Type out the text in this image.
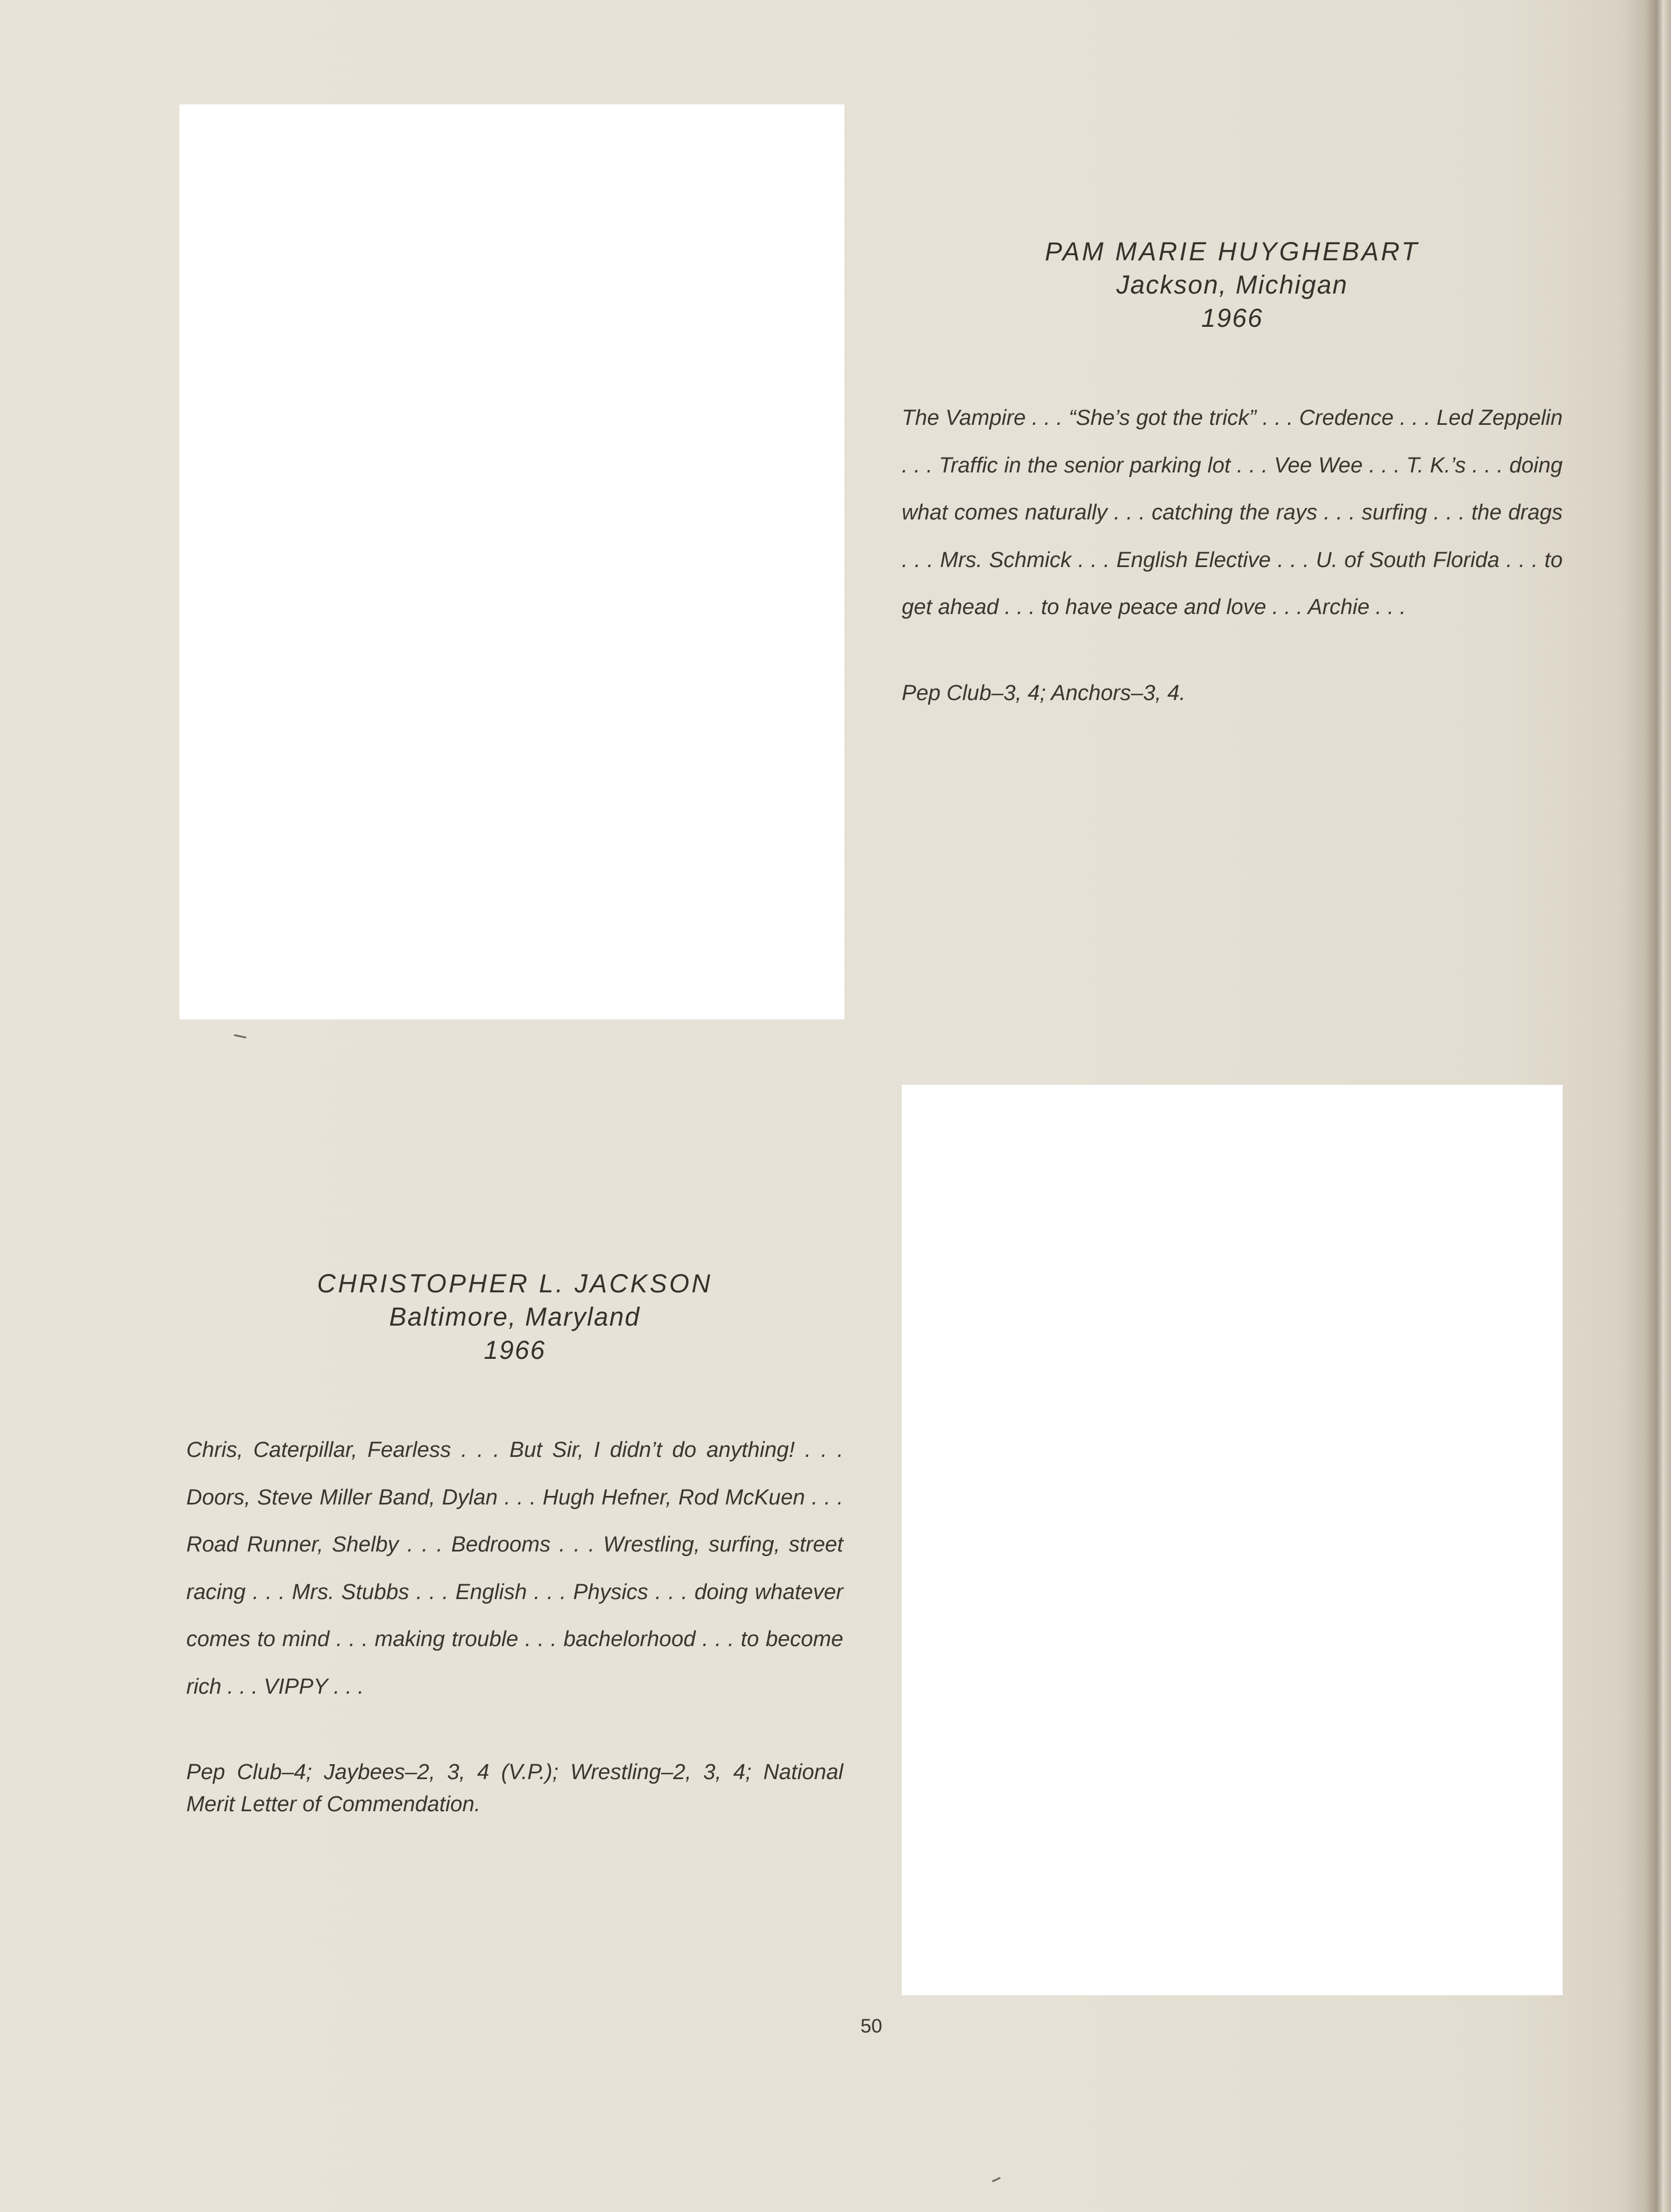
PAM MARIE HUYGHEBART
Jackson, Michigan
1966
The Vampire . . . “She’s got the trick” . . . Credence . . . Led Zeppelin . . . Traffic in the senior parking lot . . . Vee Wee . . . T. K.’s . . . doing what comes naturally . . . catching the rays . . . surfing . . . the drags . . . Mrs. Schmick . . . English Elective . . . U. of South Florida . . . to get ahead . . . to have peace and love . . . Archie . . .
Pep Club–3, 4; Anchors–3, 4.
CHRISTOPHER L. JACKSON
Baltimore, Maryland
1966
Chris, Caterpillar, Fearless . . . But Sir, I didn’t do anything! . . . Doors, Steve Miller Band, Dylan . . . Hugh Hefner, Rod McKuen . . . Road Runner, Shelby . . . Bedrooms . . . Wrestling, surfing, street racing . . . Mrs. Stubbs . . . English . . . Physics . . . doing whatever comes to mind . . . making trouble . . . bachelorhood . . . to become rich . . . VIPPY . . .
Pep Club–4; Jaybees–2, 3, 4 (V.P.); Wrestling–2, 3, 4; National Merit Letter of Commendation.
50
